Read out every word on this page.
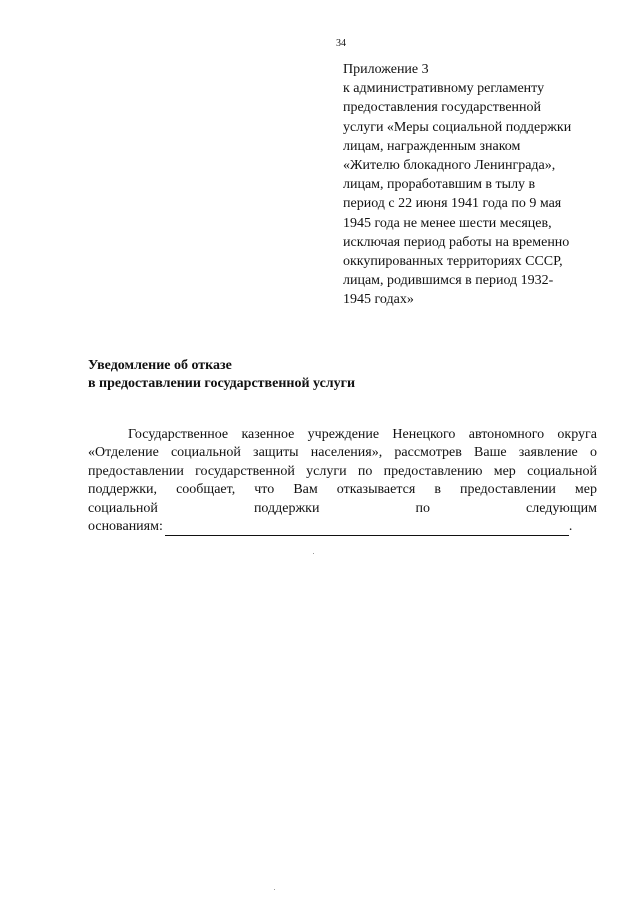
34
Приложение 3
к административному регламенту
предоставления государственной
услуги «Меры социальной поддержки
лицам, награжденным знаком
«Жителю блокадного Ленинграда»,
лицам, проработавшим в тылу в
период с 22 июня 1941 года по 9 мая
1945 года не менее шести месяцев,
исключая период работы на временно
оккупированных территориях СССР,
лицам, родившимся в период 1932-
1945 годах»
Уведомление об отказе
в предоставлении государственной услуги
Государственное казенное учреждение Ненецкого автономного округа
«Отделение социальной защиты населения», рассмотрев Ваше заявление о
предоставлении государственной услуги по предоставлению мер социальной
поддержки, сообщает, что Вам отказывается в предоставлении мер
социальной	поддержки	по	следующим
основаниям:	.
